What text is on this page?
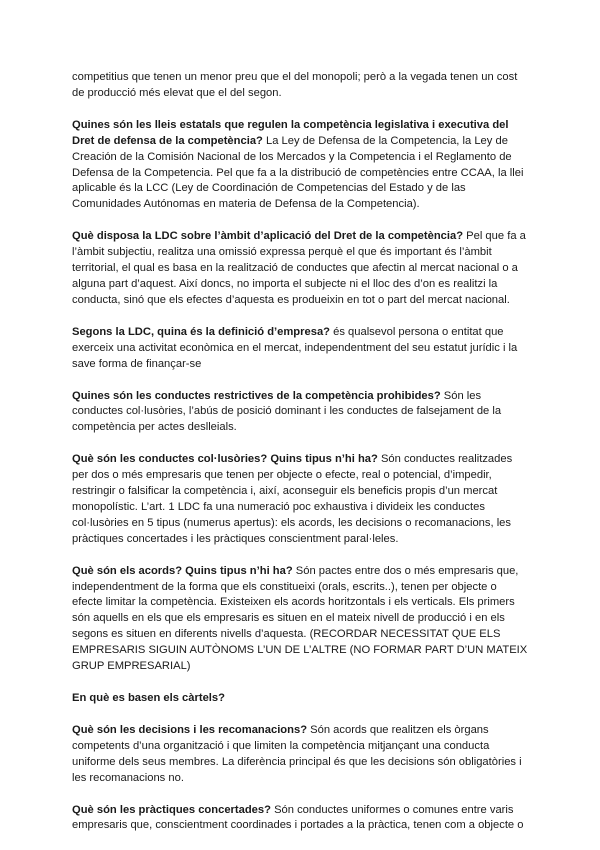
competitius que tenen un menor preu que el del monopoli; però a la vegada tenen un cost de producció més elevat que el del segon.

Quines són les lleis estatals que regulen la competència legislativa i executiva del Dret de defensa de la competència? La Ley de Defensa de la Competencia, la Ley de Creación de la Comisión Nacional de los Mercados y la Competencia i el Reglamento de Defensa de la Competencia. Pel que fa a la distribució de competències entre CCAA, la llei aplicable és la LCC (Ley de Coordinación de Competencias del Estado y de las Comunidades Autónomas en materia de Defensa de la Competencia).

Què disposa la LDC sobre l’àmbit d’aplicació del Dret de la competència? Pel que fa a l’àmbit subjectiu, realitza una omissió expressa perquè el que és important és l’àmbit territorial, el qual es basa en la realització de conductes que afectin al mercat nacional o a alguna part d’aquest. Així doncs, no importa el subjecte ni el lloc des d’on es realitzi la conducta, sinó que els efectes d’aquesta es produeixin en tot o part del mercat nacional.

Segons la LDC, quina és la definició d’empresa? és qualsevol persona o entitat que exerceix una activitat econòmica en el mercat, independentment del seu estatut jurídic i la save forma de finançar-se

Quines són les conductes restrictives de la competència prohibides? Són les conductes col·lusòries, l’abús de posició dominant i les conductes de falsejament de la competència per actes deslleials.

Què són les conductes col·lusòries? Quins tipus n’hi ha? Són conductes realitzades per dos o més empresaris que tenen per objecte o efecte, real o potencial, d’impedir, restringir o falsificar la competència i, així, aconseguir els beneficis propis d’un mercat monopolístic. L’art. 1 LDC fa una numeració poc exhaustiva i divideix les conductes col·lusòries en 5 tipus (numerus apertus): els acords, les decisions o recomanacions, les pràctiques concertades i les pràctiques conscientment paral·leles.

Què són els acords? Quins tipus n’hi ha? Són pactes entre dos o més empresaris que, independentment de la forma que els constitueixi (orals, escrits..), tenen per objecte o efecte limitar la competència. Existeixen els acords horitzontals i els verticals. Els primers són aquells en els que els empresaris es situen en el mateix nivell de producció i en els segons es situen en diferents nivells d’aquesta. (RECORDAR NECESSITAT QUE ELS EMPRESARIS SIGUIN AUTÒNOMS L’UN DE L’ALTRE (NO FORMAR PART D’UN MATEIX GRUP EMPRESARIAL)

En què es basen els càrtels?

Què són les decisions i les recomanacions? Són acords que realitzen els òrgans competents d’una organització i que limiten la competència mitjançant una conducta uniforme dels seus membres. La diferència principal és que les decisions són obligatòries i les recomanacions no.

Què són les pràctiques concertades? Són conductes uniformes o comunes entre varis empresaris que, conscientment coordinades i portades a la pràctica, tenen com a objecte o
